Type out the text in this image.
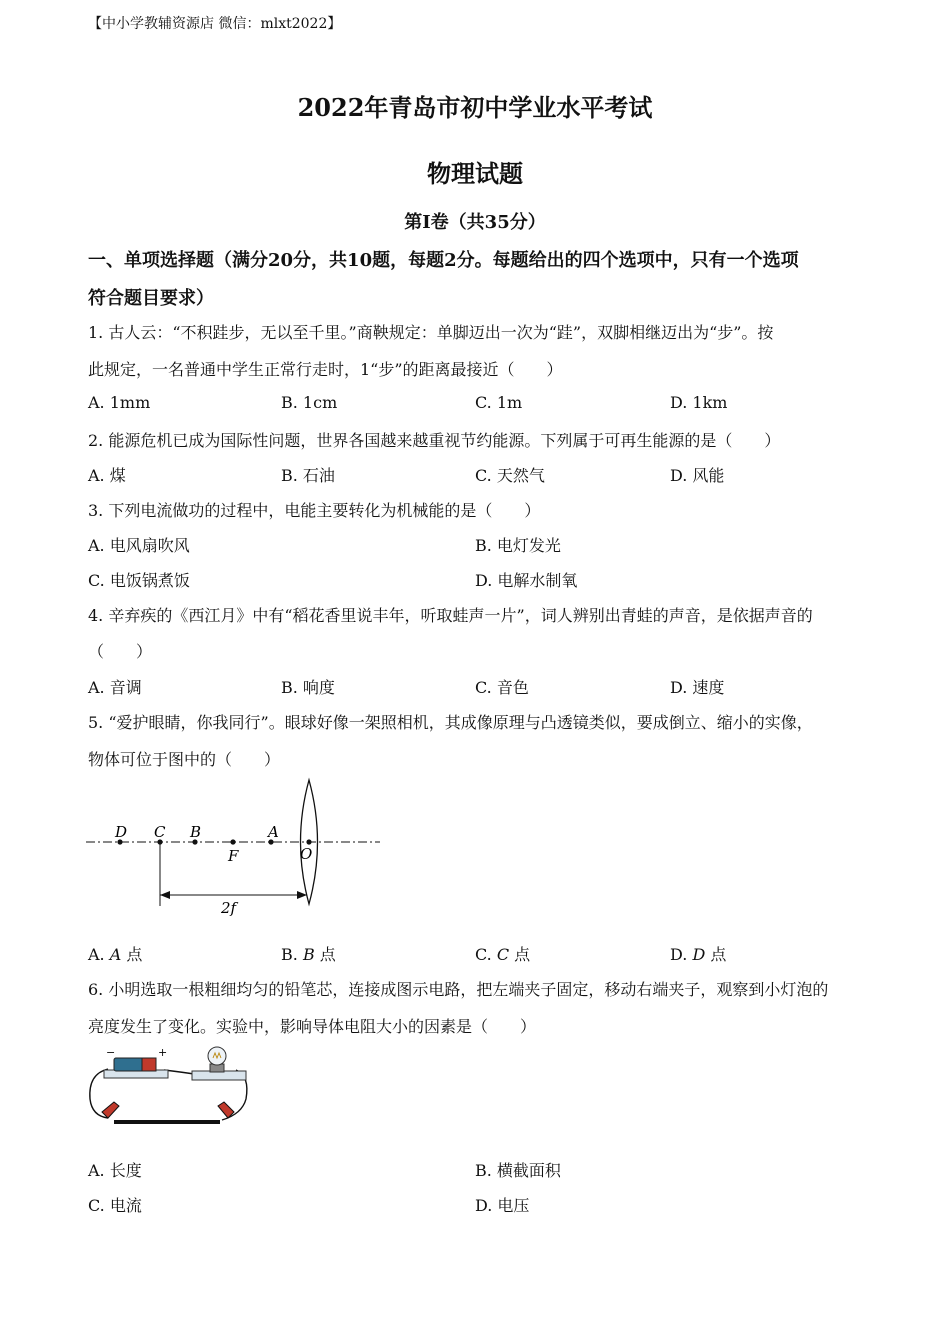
【中小学教辅资源店 微信：mlxt2022】
2022年青岛市初中学业水平考试
物理试题
第I卷（共35分）
一、单项选择题（满分20分，共10题，每题2分。每题给出的四个选项中，只有一个选项
符合题目要求）
1. 古人云：“不积跬步，无以至千里。”商鞅规定：单脚迈出一次为“跬”，双脚相继迈出为“步”。按
此规定，一名普通中学生正常行走时，1“步”的距离最接近（　　）
A. 1mm	B. 1cm	C. 1m	D. 1km
2. 能源危机已成为国际性问题，世界各国越来越重视节约能源。下列属于可再生能源的是（　　）
A. 煤	B. 石油	C. 天然气	D. 风能
3. 下列电流做功的过程中，电能主要转化为机械能的是（　　）
A. 电风扇吹风	B. 电灯发光
C. 电饭锅煮饭	D. 电解水制氧
4. 辛弃疾的《西江月》中有“稻花香里说丰年，听取蛙声一片”，词人辨别出青蛙的声音，是依据声音的
（　　）
A. 音调	B. 响度	C. 音色	D. 速度
5. “爱护眼睛，你我同行”。眼球好像一架照相机，其成像原理与凸透镜类似，要成倒立、缩小的实像，
物体可位于图中的（　　）
D C B
F
A
O
2f
A. A 点	B. B 点	C. C 点	D. D 点
6. 小明选取一根粗细均匀的铅笔芯，连接成图示电路，把左端夹子固定，移动右端夹子，观察到小灯泡的
亮度发生了变化。实验中，影响导体电阻大小的因素是（　　）
−	+
A. 长度	B. 横截面积
C. 电流	D. 电压
